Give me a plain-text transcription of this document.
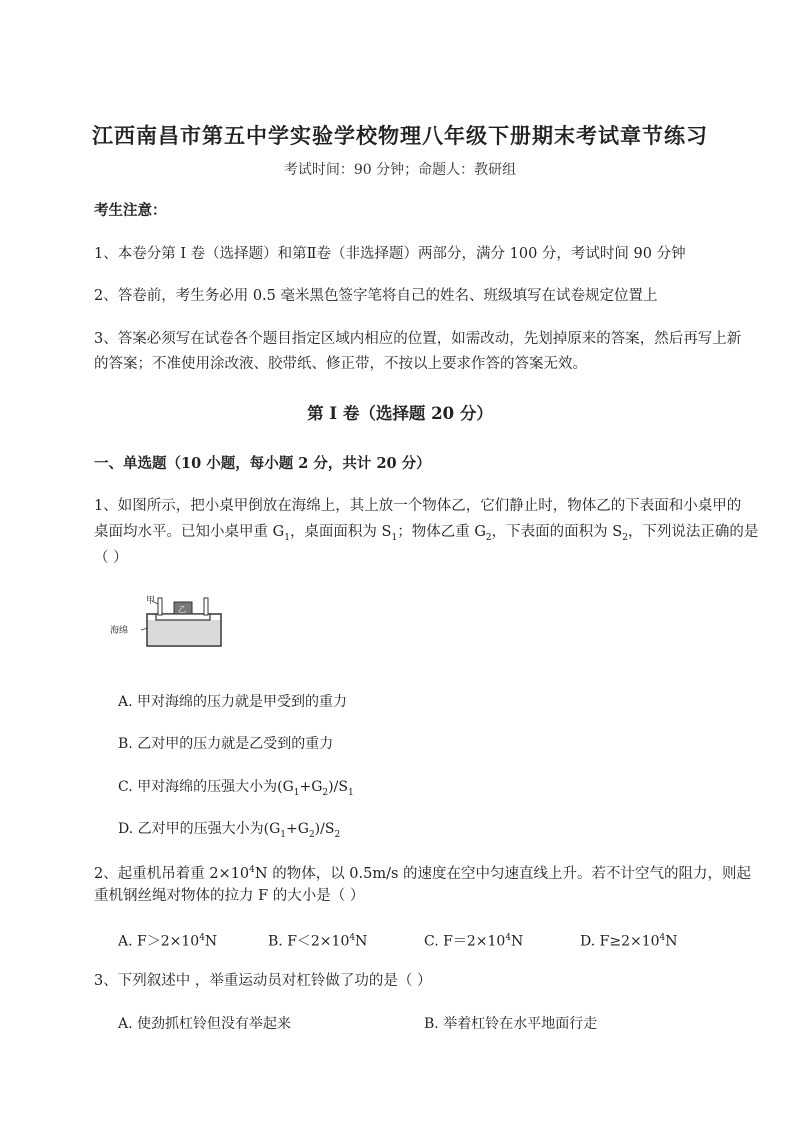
江西南昌市第五中学实验学校物理八年级下册期末考试章节练习
考试时间：90 分钟；命题人：教研组
考生注意：
1、本卷分第 I 卷（选择题）和第Ⅱ卷（非选择题）两部分，满分 100 分，考试时间 90 分钟
2、答卷前，考生务必用 0.5 毫米黑色签字笔将自己的姓名、班级填写在试卷规定位置上
3、答案必须写在试卷各个题目指定区域内相应的位置，如需改动，先划掉原来的答案，然后再写上新
的答案；不准使用涂改液、胶带纸、修正带，不按以上要求作答的答案无效。
第 I 卷（选择题 20 分）
一、单选题（10 小题，每小题 2 分，共计 20 分）
1、如图所示，把小桌甲倒放在海绵上，其上放一个物体乙，它们静止时，物体乙的下表面和小桌甲的
桌面均水平。已知小桌甲重 $G_1$，桌面面积为 $S_1$；物体乙重 $G_2$，下表面的面积为 $S_2$，下列说法正确的是
（ ）
甲
乙
海绵
A. 甲对海绵的压力就是甲受到的重力
B. 乙对甲的压力就是乙受到的重力
C. 甲对海绵的压强大小为$(G_1+G_2)/S_1$
D. 乙对甲的压强大小为$(G_1+G_2)/S_2$
2、起重机吊着重 $2\times 10^4N$ 的物体，以 0.5m/s 的速度在空中匀速直线上升。若不计空气的阻力，则起
重机钢丝绳对物体的拉力 F 的大小是（ ）
A. $F>2\times 10^4N$	B. $F<2\times 10^4N$	C. $F=2\times 10^4N$	D. $F\ge 2\times 10^4N$
3、下列叙述中 ，举重运动员对杠铃做了功的是（ ）
A. 使劲抓杠铃但没有举起来	B. 举着杠铃在水平地面行走
